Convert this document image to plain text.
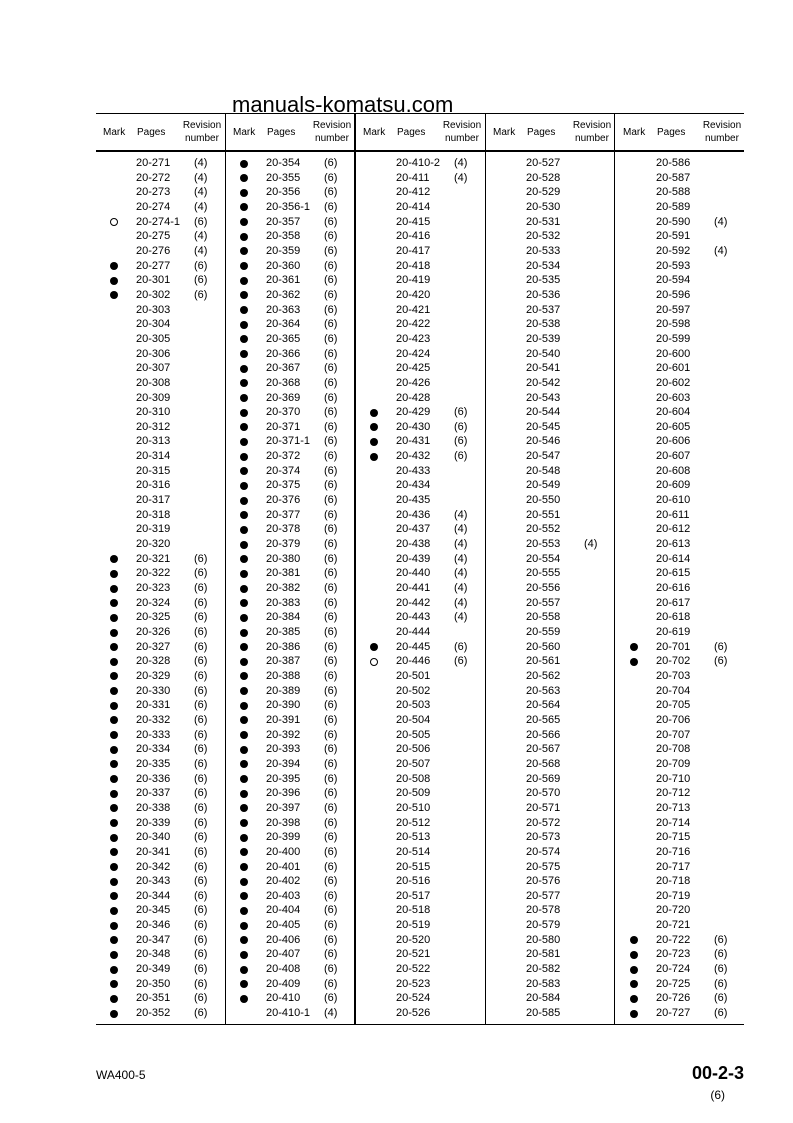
manuals-komatsu.com
Mark Pages
Revision
number
20-271 (4)
20-272 (4)
20-273 (4)
20-274 (4)
20-274-1 (6)
20-275 (4)
20-276 (4)
20-277 (6)
20-301 (6)
20-302 (6)
20-303
20-304
20-305
20-306
20-307
20-308
20-309
20-310
20-312
20-313
20-314
20-315
20-316
20-317
20-318
20-319
20-320
20-321 (6)
20-322 (6)
20-323 (6)
20-324 (6)
20-325 (6)
20-326 (6)
20-327 (6)
20-328 (6)
20-329 (6)
20-330 (6)
20-331 (6)
20-332 (6)
20-333 (6)
20-334 (6)
20-335 (6)
20-336 (6)
20-337 (6)
20-338 (6)
20-339 (6)
20-340 (6)
20-341 (6)
20-342 (6)
20-343 (6)
20-344 (6)
20-345 (6)
20-346 (6)
20-347 (6)
20-348 (6)
20-349 (6)
20-350 (6)
20-351 (6)
20-352 (6)
Mark Pages
Revision
number
20-354 (6)
20-355 (6)
20-356 (6)
20-356-1 (6)
20-357 (6)
20-358 (6)
20-359 (6)
20-360 (6)
20-361 (6)
20-362 (6)
20-363 (6)
20-364 (6)
20-365 (6)
20-366 (6)
20-367 (6)
20-368 (6)
20-369 (6)
20-370 (6)
20-371 (6)
20-371-1 (6)
20-372 (6)
20-374 (6)
20-375 (6)
20-376 (6)
20-377 (6)
20-378 (6)
20-379 (6)
20-380 (6)
20-381 (6)
20-382 (6)
20-383 (6)
20-384 (6)
20-385 (6)
20-386 (6)
20-387 (6)
20-388 (6)
20-389 (6)
20-390 (6)
20-391 (6)
20-392 (6)
20-393 (6)
20-394 (6)
20-395 (6)
20-396 (6)
20-397 (6)
20-398 (6)
20-399 (6)
20-400 (6)
20-401 (6)
20-402 (6)
20-403 (6)
20-404 (6)
20-405 (6)
20-406 (6)
20-407 (6)
20-408 (6)
20-409 (6)
20-410 (6)
20-410-1 (4)
Mark Pages
Revision
number
20-410-2 (4)
20-411 (4)
20-412
20-414
20-415
20-416
20-417
20-418
20-419
20-420
20-421
20-422
20-423
20-424
20-425
20-426
20-428
20-429 (6)
20-430 (6)
20-431 (6)
20-432 (6)
20-433
20-434
20-435
20-436 (4)
20-437 (4)
20-438 (4)
20-439 (4)
20-440 (4)
20-441 (4)
20-442 (4)
20-443 (4)
20-444
20-445 (6)
20-446 (6)
20-501
20-502
20-503
20-504
20-505
20-506
20-507
20-508
20-509
20-510
20-512
20-513
20-514
20-515
20-516
20-517
20-518
20-519
20-520
20-521
20-522
20-523
20-524
20-526
Mark Pages
Revision
number
20-527
20-528
20-529
20-530
20-531
20-532
20-533
20-534
20-535
20-536
20-537
20-538
20-539
20-540
20-541
20-542
20-543
20-544
20-545
20-546
20-547
20-548
20-549
20-550
20-551
20-552
20-553 (4)
20-554
20-555
20-556
20-557
20-558
20-559
20-560
20-561
20-562
20-563
20-564
20-565
20-566
20-567
20-568
20-569
20-570
20-571
20-572
20-573
20-574
20-575
20-576
20-577
20-578
20-579
20-580
20-581
20-582
20-583
20-584
20-585
Mark Pages
Revision
number
20-586
20-587
20-588
20-589
20-590 (4)
20-591
20-592 (4)
20-593
20-594
20-596
20-597
20-598
20-599
20-600
20-601
20-602
20-603
20-604
20-605
20-606
20-607
20-608
20-609
20-610
20-611
20-612
20-613
20-614
20-615
20-616
20-617
20-618
20-619
20-701 (6)
20-702 (6)
20-703
20-704
20-705
20-706
20-707
20-708
20-709
20-710
20-712
20-713
20-714
20-715
20-716
20-717
20-718
20-719
20-720
20-721
20-722 (6)
20-723 (6)
20-724 (6)
20-725 (6)
20-726 (6)
20-727 (6)
WA400-5	00-2-3
(6)
